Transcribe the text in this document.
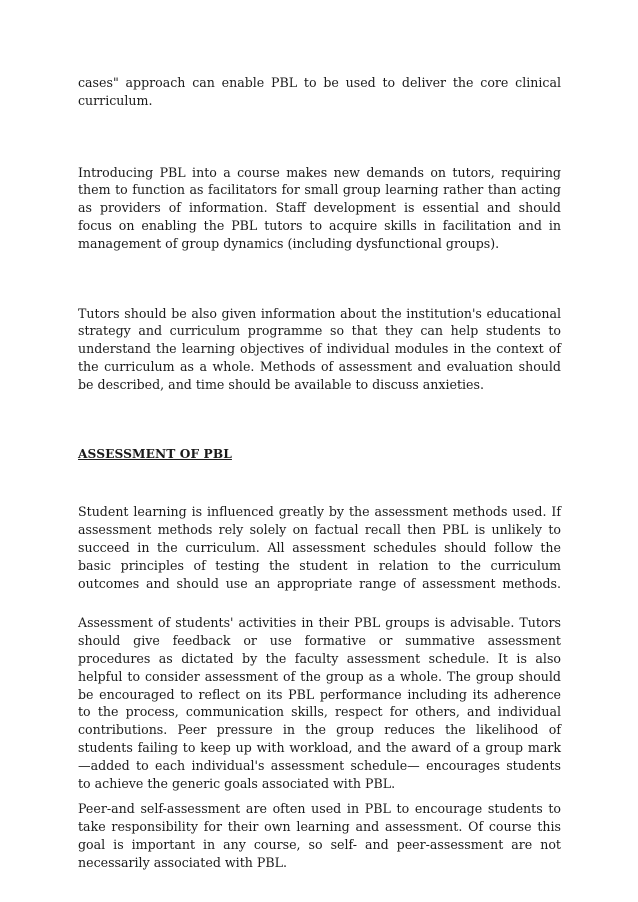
cases" approach can enable PBL to be used to deliver the core clinical curriculum.

Introducing PBL into a course makes new demands on tutors, requiring them to function as facilitators for small group learning rather than acting as providers of information. Staff development is essential and should focus on enabling the PBL tutors to acquire skills in facilitation and in management of group dynamics (including dysfunctional groups).

Tutors should be also given information about the institution's educational strategy and curriculum programme so that they can help students to understand the learning objectives of individual modules in the context of the curriculum as a whole. Methods of assessment and evaluation should be described, and time should be available to discuss anxieties.

ASSESSMENT OF PBL

Student learning is influenced greatly by the assessment methods used. If assessment methods rely solely on factual recall then PBL is unlikely to succeed in the curriculum. All assessment schedules should follow the basic principles of testing the student in relation to the curriculum outcomes and should use an appropriate range of assessment methods.

Assessment of students' activities in their PBL groups is advisable. Tutors should give feedback or use formative or summative assessment procedures as dictated by the faculty assessment schedule. It is also helpful to consider assessment of the group as a whole. The group should be encouraged to reflect on its PBL performance including its adherence to the process, communication skills, respect for others, and individual contributions. Peer pressure in the group reduces the likelihood of students failing to keep up with workload, and the award of a group mark—added to each individual's assessment schedule— encourages students to achieve the generic goals associated with PBL.

Peer-and self-assessment are often used in PBL to encourage students to take responsibility for their own learning and assessment. Of course this goal is important in any course, so self- and peer-assessment are not necessarily associated with PBL.
